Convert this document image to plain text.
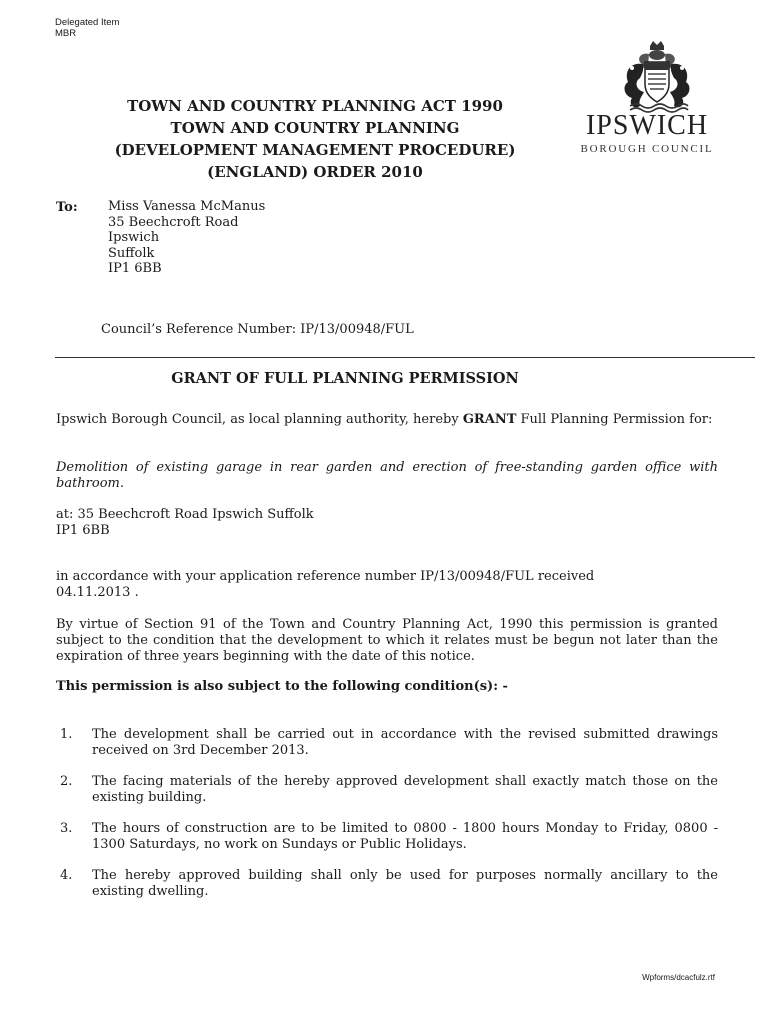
Delegated Item
MBR
TOWN AND COUNTRY PLANNING ACT 1990
TOWN AND COUNTRY PLANNING
(DEVELOPMENT MANAGEMENT PROCEDURE)
(ENGLAND) ORDER 2010
IPSWICH
BOROUGH COUNCIL
To: Miss Vanessa McManus
35 Beechcroft Road
Ipswich
Suffolk
IP1 6BB
Council’s Reference Number: IP/13/00948/FUL
GRANT OF FULL PLANNING PERMISSION
Ipswich Borough Council, as local planning authority, hereby GRANT Full Planning Permission for:
Demolition of existing garage in rear garden and erection of free-standing garden office with bathroom.
at: 35 Beechcroft Road Ipswich Suffolk
IP1 6BB
in accordance with your application reference number IP/13/00948/FUL received
04.11.2013 .
By virtue of Section 91 of the Town and Country Planning Act, 1990 this permission is granted subject to the condition that the development to which it relates must be begun not later than the expiration of three years beginning with the date of this notice.
This permission is also subject to the following condition(s): -
1. The development shall be carried out in accordance with the revised submitted drawings received on 3rd December 2013.
2. The facing materials of the hereby approved development shall exactly match those on the existing building.
3. The hours of construction are to be limited to 0800 - 1800 hours Monday to Friday, 0800 - 1300 Saturdays, no work on Sundays or Public Holidays.
4. The hereby approved building shall only be used for purposes normally ancillary to the existing dwelling.
Wpforms/dcacfulz.rtf
